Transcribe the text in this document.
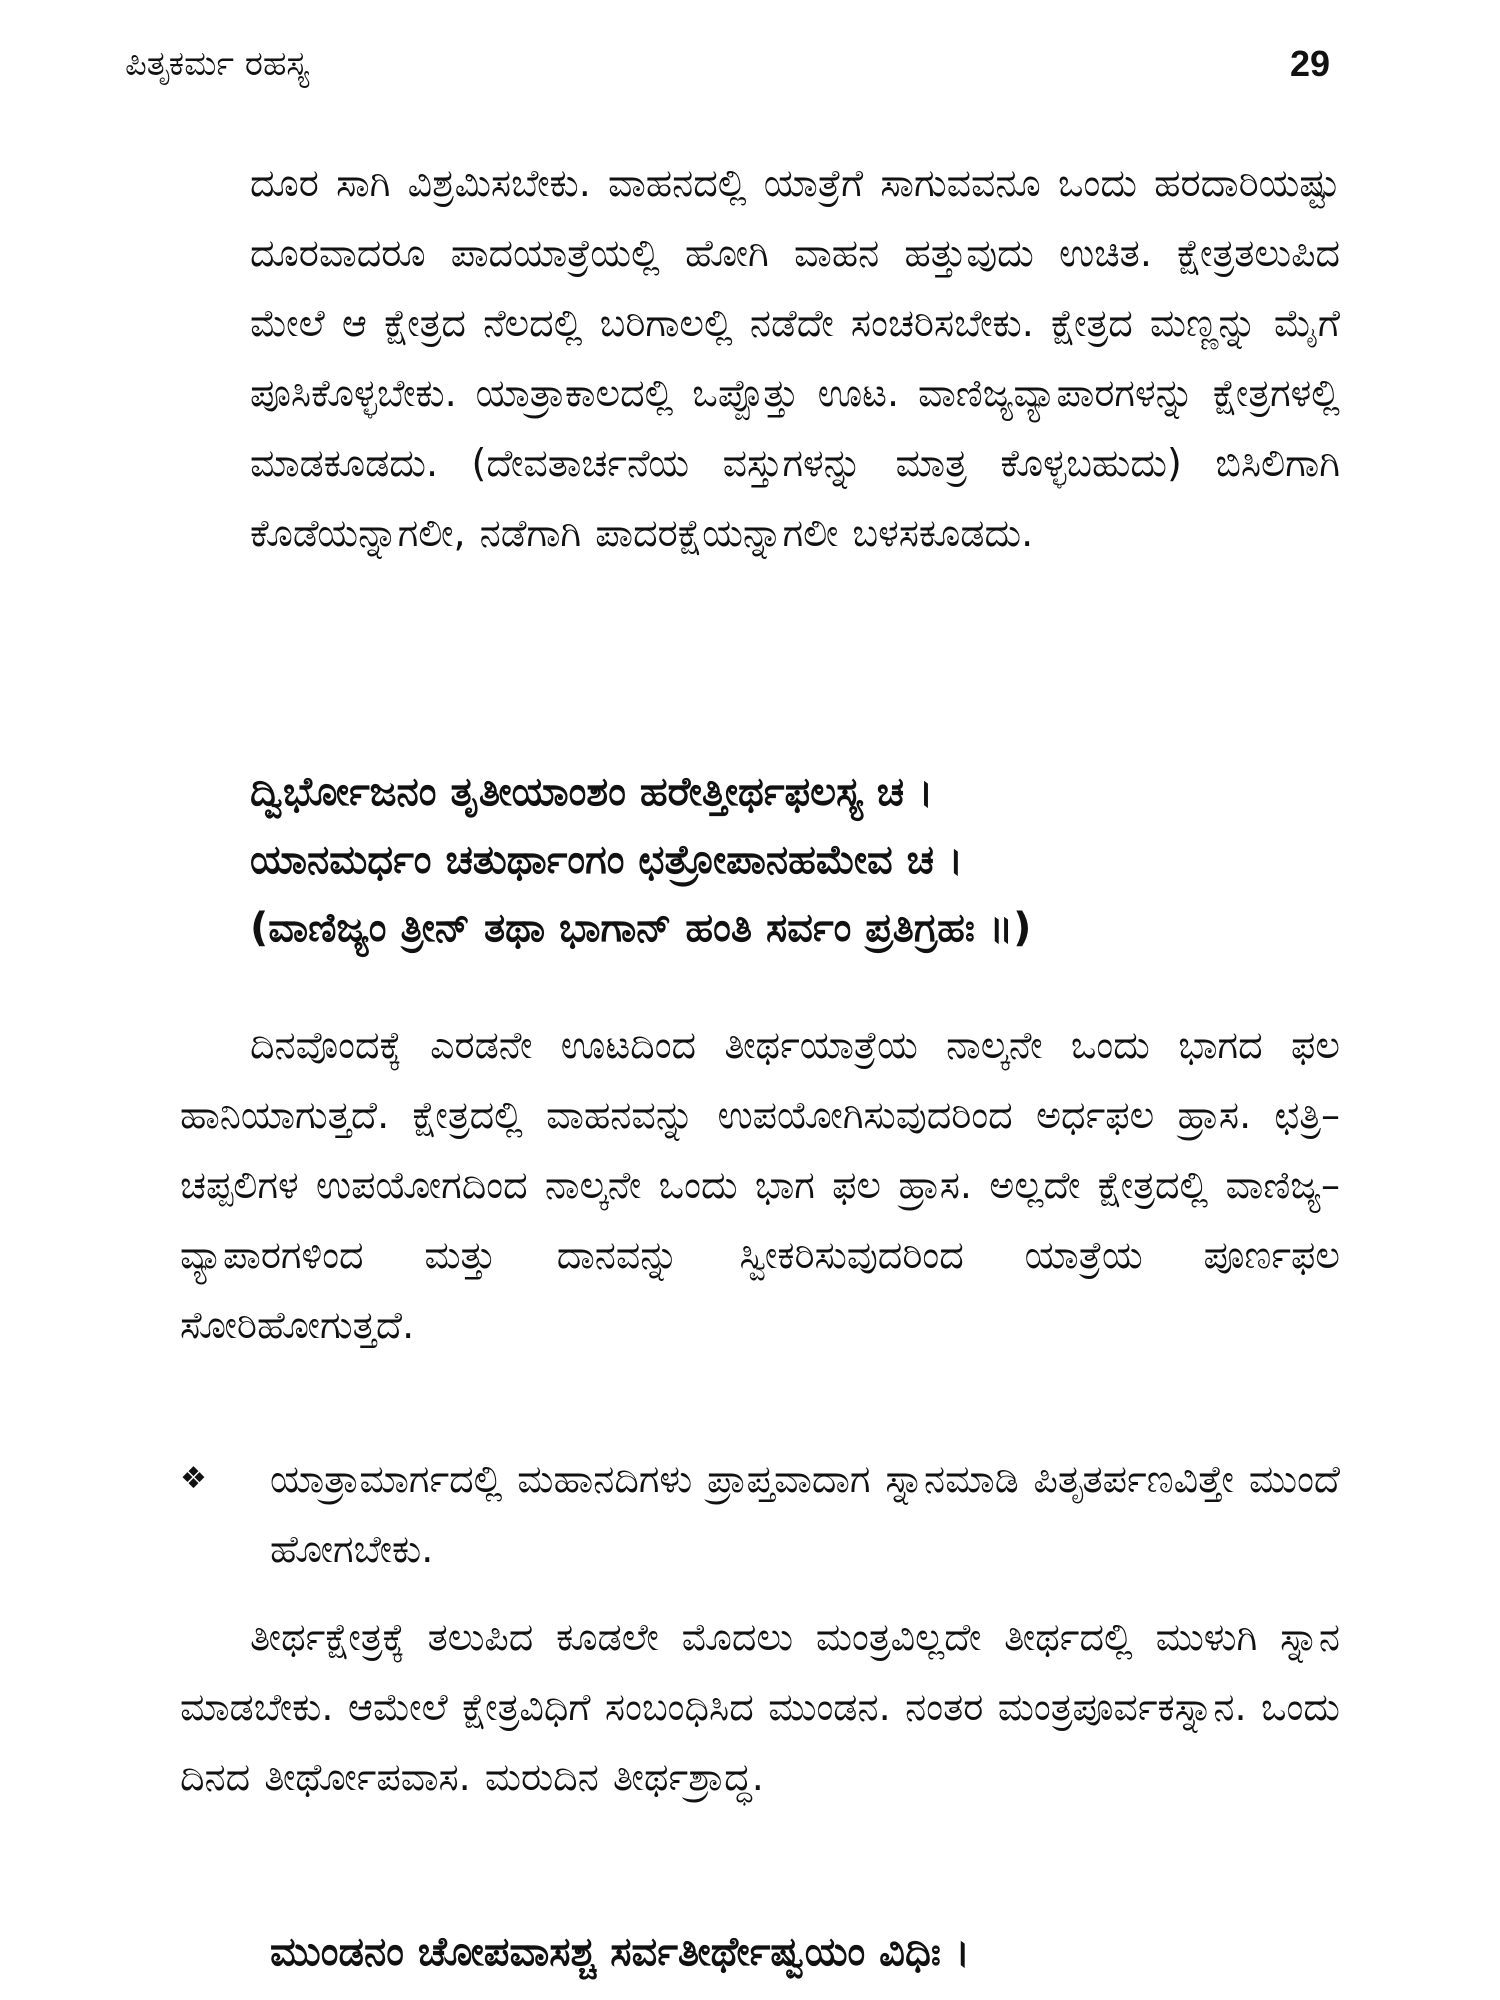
ಪಿತೃಕರ್ಮ ರಹಸ್ಯ	29

ದೂರ ಸಾಗಿ ವಿಶ್ರಮಿಸಬೇಕು. ವಾಹನದಲ್ಲಿ ಯಾತ್ರೆಗೆ ಸಾಗುವವನೂ ಒಂದು ಹರದಾರಿಯಷ್ಟು ದೂರವಾದರೂ ಪಾದಯಾತ್ರೆಯಲ್ಲಿ ಹೋಗಿ ವಾಹನ ಹತ್ತುವುದು ಉಚಿತ. ಕ್ಷೇತ್ರತಲುಪಿದ ಮೇಲೆ ಆ ಕ್ಷೇತ್ರದ ನೆಲದಲ್ಲಿ ಬರಿಗಾಲಲ್ಲಿ ನಡೆದೇ ಸಂಚರಿಸಬೇಕು. ಕ್ಷೇತ್ರದ ಮಣ್ಣನ್ನು ಮೈಗೆ ಪೂಸಿಕೊಳ್ಳಬೇಕು. ಯಾತ್ರಾಕಾಲದಲ್ಲಿ ಒಪ್ಪೊತ್ತು ಊಟ. ವಾಣಿಜ್ಯವ್ಯಾಪಾರಗಳನ್ನು ಕ್ಷೇತ್ರಗಳಲ್ಲಿ ಮಾಡಕೂಡದು. (ದೇವತಾರ್ಚನೆಯ ವಸ್ತುಗಳನ್ನು ಮಾತ್ರ ಕೊಳ್ಳಬಹುದು) ಬಿಸಿಲಿಗಾಗಿ ಕೊಡೆಯನ್ನಾಗಲೀ, ನಡೆಗಾಗಿ ಪಾದರಕ್ಷೆಯನ್ನಾಗಲೀ ಬಳಸಕೂಡದು.

ದ್ವಿರ್ಭೋಜನಂ ತೃತೀಯಾಂಶಂ ಹರೇತ್ತೀರ್ಥಫಲಸ್ಯ ಚ ।
ಯಾನಮರ್ಧಂ ಚತುರ್ಥಾಂಗಂ ಛತ್ರೋಪಾನಹಮೇವ ಚ ।
(ವಾಣಿಜ್ಯಂ ತ್ರೀನ್ ತಥಾ ಭಾಗಾನ್ ಹಂತಿ ಸರ್ವಂ ಪ್ರತಿಗ್ರಹಃ ॥)

ದಿನವೊಂದಕ್ಕೆ ಎರಡನೇ ಊಟದಿಂದ ತೀರ್ಥಯಾತ್ರೆಯ ನಾಲ್ಕನೇ ಒಂದು ಭಾಗದ ಫಲ ಹಾನಿಯಾಗುತ್ತದೆ. ಕ್ಷೇತ್ರದಲ್ಲಿ ವಾಹನವನ್ನು ಉಪಯೋಗಿಸುವುದರಿಂದ ಅರ್ಧಫಲ ಹ್ರಾಸ. ಛತ್ರಿ–ಚಪ್ಪಲಿಗಳ ಉಪಯೋಗದಿಂದ ನಾಲ್ಕನೇ ಒಂದು ಭಾಗ ಫಲ ಹ್ರಾಸ. ಅಲ್ಲದೇ ಕ್ಷೇತ್ರದಲ್ಲಿ ವಾಣಿಜ್ಯ–ವ್ಯಾಪಾರಗಳಿಂದ ಮತ್ತು ದಾನವನ್ನು ಸ್ವೀಕರಿಸುವುದರಿಂದ ಯಾತ್ರೆಯ ಪೂರ್ಣಫಲ ಸೋರಿಹೋಗುತ್ತದೆ.

❖	ಯಾತ್ರಾಮಾರ್ಗದಲ್ಲಿ ಮಹಾನದಿಗಳು ಪ್ರಾಪ್ತವಾದಾಗ ಸ್ನಾನಮಾಡಿ ಪಿತೃತರ್ಪಣವಿತ್ತೇ ಮುಂದೆ ಹೋಗಬೇಕು.

ತೀರ್ಥಕ್ಷೇತ್ರಕ್ಕೆ ತಲುಪಿದ ಕೂಡಲೇ ಮೊದಲು ಮಂತ್ರವಿಲ್ಲದೇ ತೀರ್ಥದಲ್ಲಿ ಮುಳುಗಿ ಸ್ನಾನ ಮಾಡಬೇಕು. ಆಮೇಲೆ ಕ್ಷೇತ್ರವಿಧಿಗೆ ಸಂಬಂಧಿಸಿದ ಮುಂಡನ. ನಂತರ ಮಂತ್ರಪೂರ್ವಕಸ್ನಾನ. ಒಂದು ದಿನದ ತೀರ್ಥೋಪವಾಸ. ಮರುದಿನ ತೀರ್ಥಶ್ರಾದ್ಧ.

ಮುಂಡನಂ ಚೋಪವಾಸಶ್ಚ ಸರ್ವತೀರ್ಥೇಷ್ವಯಂ ವಿಧಿಃ ।
